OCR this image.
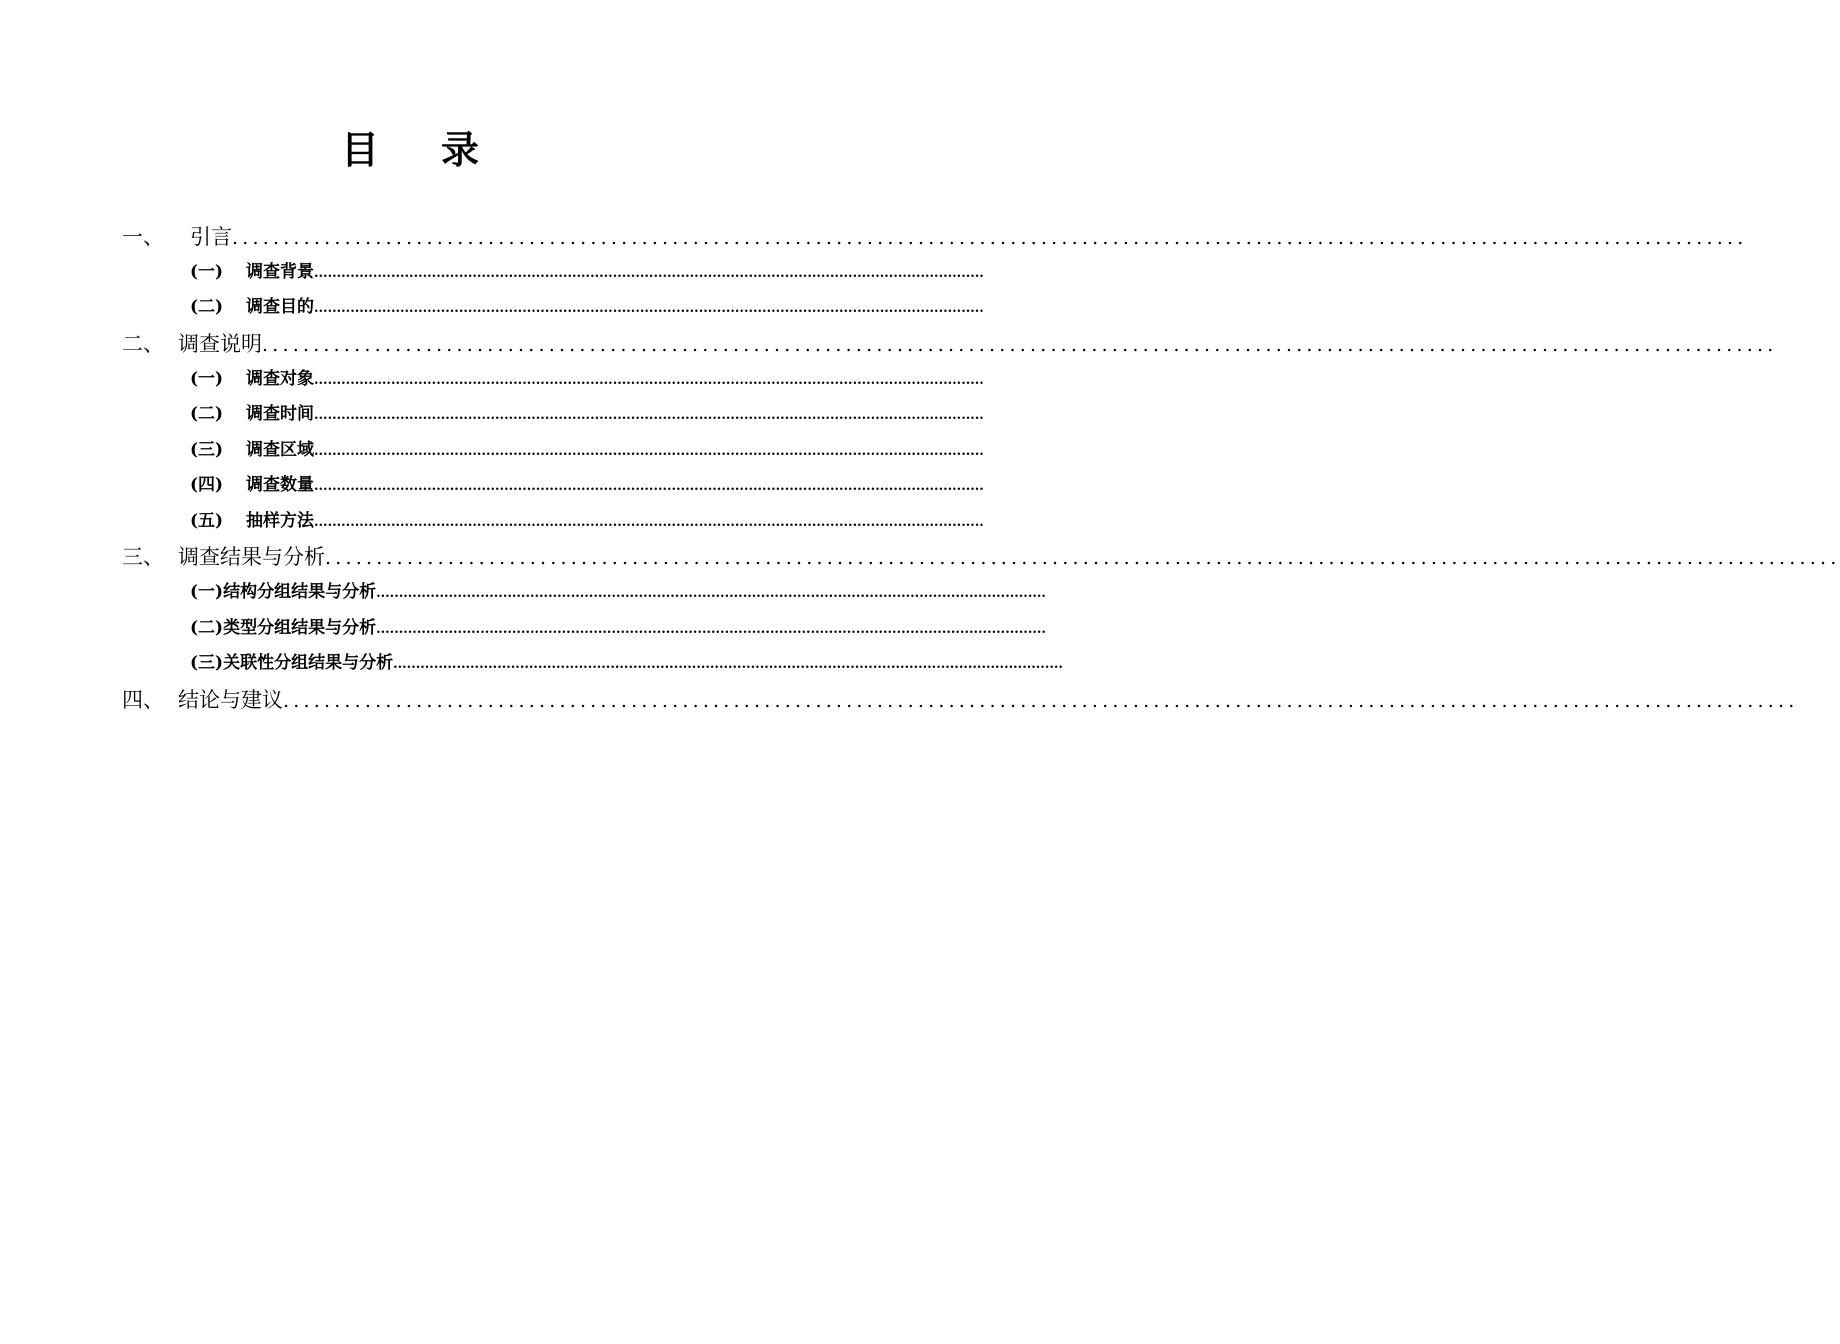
目录
一、	引言 ....................................................................................................................................................
(一)	调查背景 ....................................................................................................................................................
(二)	调查目的 ....................................................................................................................................................
二、 调查说明 ....................................................................................................................................................
(一)	调查对象 ....................................................................................................................................................
(二)	调查时间 ....................................................................................................................................................
(三)	调查区域 ....................................................................................................................................................
(四)	调查数量 ....................................................................................................................................................
(五)	抽样方法 ....................................................................................................................................................
三、 调查结果与分析 ....................................................................................................................................................
(一) 结构分组结果与分析 ....................................................................................................................................................
(二) 类型分组结果与分析 ....................................................................................................................................................
(三) 关联性分组结果与分析 ....................................................................................................................................................
四、 结论与建议 ....................................................................................................................................................
